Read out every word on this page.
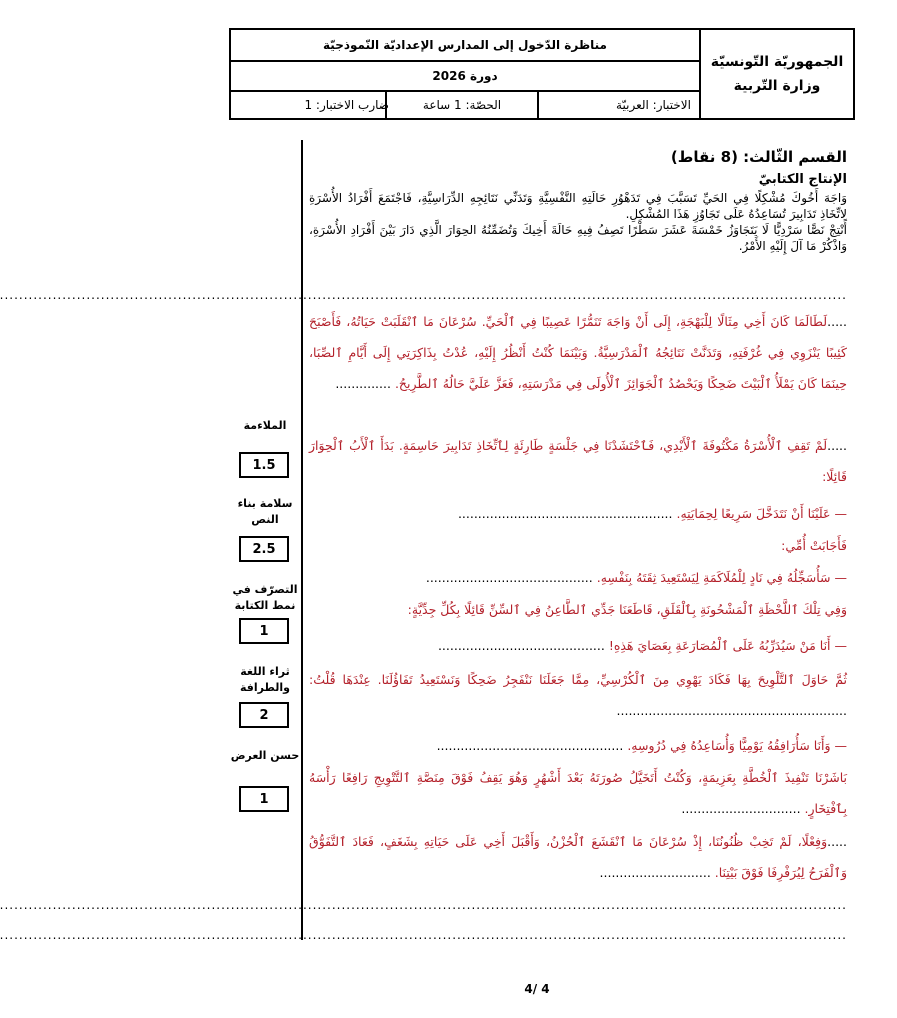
الجمهوريّة التّونسيّة
وزارة التّربية
مناظرة الدّخول إلى المدارس الإعداديّة النّموذجيّة
دورة 2026
الاختبار: العربيّة
الحصّة: 1 ساعة
ضارب الاختبار: 1
الملاءمة
1.5
سلامة بناء النص
2.5
التصرّف في نمط الكتابة
1
ثراء اللغة والطرافة
2
حسن العرض
1
القسم الثّالث: (8 نقاط)
الإنتاج الكتابيّ
وَاجَهَ أَخُوكَ مُشْكِلًا فِي الحَيِّ تَسَبَّبَ فِي تَدَهْوُرِ حَالَتِهِ النَّفْسِيَّةِ وَتَدَنِّي نَتَائِجِهِ الدِّرَاسِيَّةِ، فَاجْتَمَعَ أَفْرَادُ الأُسْرَةِ لِاتِّخَاذِ تَدَابِيرَ تُسَاعِدُهُ عَلَى تَجَاوُزِ هَذَا المُشْكِلِ.
أَنْتِجْ نَصًّا سَرْدِيًّا لَا يَتَجَاوَزُ خَمْسَةَ عَشَرَ سَطْرًا تَصِفُ فِيهِ حَالَةَ أَخِيكَ وَتُضَمِّنُهُ الحِوَارَ الَّذِي دَارَ بَيْنَ أَفْرَادِ الأُسْرَةِ، وَاذْكُرْ مَا آلَ إِلَيْهِ الأَمْرُ.
................................................................................................................................................................................
.....لَطَالَمَا كَانَ أَخِي مِثَالًا لِلْبَهْجَةِ، إِلَى أَنْ وَاجَهَ تَنَمُّرًا عَصِيبًا فِي ٱلْحَيِّ. سُرْعَانَ مَا ٱنْقَلَبَتْ حَيَاتُهُ، فَأَصْبَحَ كَئِيبًا يَنْزَوِي فِي غُرْفَتِهِ، وَتَدَنَّتْ نَتَائِجُهُ ٱلْمَدْرَسِيَّةُ. وَبَيْنَمَا كُنْتُ أَنْظُرُ إِلَيْهِ، عُدْتُ بِذَاكِرَتِي إِلَى أَيَّامِ ٱلصِّبَا، حِينَمَا كَانَ يَمْلَأُ ٱلْبَيْتَ ضَحِكًا وَيَحْصُدُ ٱلْجَوَائِزَ ٱلْأُولَى فِي مَدْرَسَتِهِ، فَعَزَّ عَلَيَّ حَالُهُ ٱلطَّرِيحُ. ..............
.....لَمْ تَقِفِ ٱلْأُسْرَةُ مَكْتُوفَةَ ٱلْأَيْدِي، فَٱحْتَشَدْنَا فِي جَلْسَةٍ طَارِئَةٍ لِٱتِّخَاذِ تَدَابِيرَ حَاسِمَةٍ. بَدَأَ ٱلْأَبُ ٱلْحِوَارَ قَائِلًا:
— عَلَيْنَا أَنْ نَتَدَخَّلَ سَرِيعًا لِحِمَايَتِهِ. ......................................................
فَأَجَابَتْ أُمِّي:
— سَأُسَجِّلُهُ فِي نَادٍ لِلْمُلَاكَمَةِ لِيَسْتَعِيدَ ثِقَتَهُ بِنَفْسِهِ. ..........................................
وَفِي تِلْكَ ٱللَّحْظَةِ ٱلْمَشْحُونَةِ بِٱلْقَلَقِ، قَاطَعَنَا جَدِّي ٱلطَّاعِنُ فِي ٱلسِّنِّ قَائِلًا بِكُلِّ جِدِّيَّةٍ:
— أَنَا مَنْ سَيُدَرِّبُهُ عَلَى ٱلْمُصَارَعَةِ بِعَصَايَ هَذِهِ! ..........................................
ثُمَّ حَاوَلَ ٱلتَّلْوِيحَ بِهَا فَكَادَ يَهْوِي مِنَ ٱلْكُرْسِيِّ، مِمَّا جَعَلَنَا نَنْفَجِرُ ضَحِكًا وَنَسْتَعِيدُ تَفَاؤُلَنَا. عِنْدَهَا قُلْتُ: ..........................................................
— وَأَنَا سَأُرَافِقُهُ يَوْمِيًّا وَأُسَاعِدُهُ فِي دُرُوسِهِ. ...............................................
بَاشَرْنَا تَنْفِيذَ ٱلْخُطَّةِ بِعَزِيمَةٍ، وَكُنْتُ أَتَخَيَّلُ صُورَتَهُ بَعْدَ أَشْهُرٍ وَهُوَ يَقِفُ فَوْقَ مِنَصَّةِ ٱلتَّتْوِيجِ رَافِعًا رَأْسَهُ بِٱفْتِخَارٍ. ..............................
.....وَفِعْلًا، لَمْ تَخِبْ ظُنُونُنَا، إِذْ سُرْعَانَ مَا ٱنْقَشَعَ ٱلْحُزْنُ، وَأَقْبَلَ أَخِي عَلَى حَيَاتِهِ بِشَغَفٍ، فَعَادَ ٱلتَّفَوُّقُ وَٱلْفَرَحُ لِيُرَفْرِفَا فَوْقَ بَيْتِنَا. ............................
................................................................................................................................................................................
................................................................................................................................................................................
4/ 4
